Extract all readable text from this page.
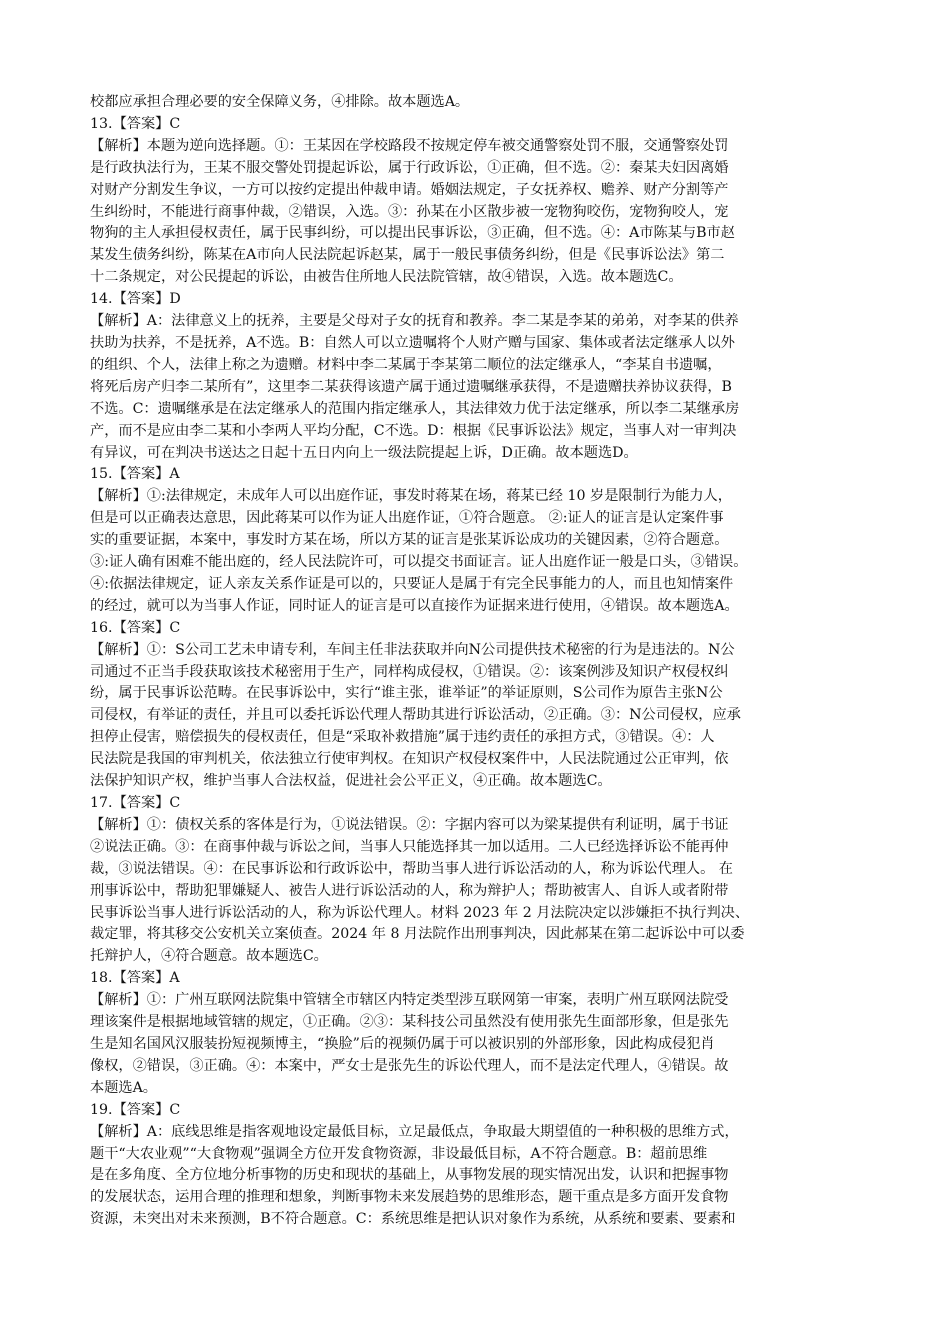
校都应承担合理必要的安全保障义务，④排除。故本题选A。

13.【答案】C

【解析】本题为逆向选择题。①：王某因在学校路段不按规定停车被交通警察处罚不服，交通警察处罚

是行政执法行为，王某不服交警处罚提起诉讼，属于行政诉讼，①正确，但不选。②：秦某夫妇因离婚

对财产分割发生争议，一方可以按约定提出仲裁申请。婚姻法规定，子女抚养权、赡养、财产分割等产

生纠纷时，不能进行商事仲裁，②错误，入选。③：孙某在小区散步被一宠物狗咬伤，宠物狗咬人，宠

物狗的主人承担侵权责任，属于民事纠纷，可以提出民事诉讼，③正确，但不选。④：A市陈某与B市赵

某发生债务纠纷，陈某在A市向人民法院起诉赵某，属于一般民事债务纠纷，但是《民事诉讼法》第二

十二条规定，对公民提起的诉讼，由被告住所地人民法院管辖，故④错误，入选。故本题选C。

14.【答案】D

【解析】A：法律意义上的抚养，主要是父母对子女的抚育和教养。李二某是李某的弟弟，对李某的供养

扶助为扶养，不是抚养，A不选。B：自然人可以立遗嘱将个人财产赠与国家、集体或者法定继承人以外

的组织、个人，法律上称之为遗赠。材料中李二某属于李某第二顺位的法定继承人，“李某自书遗嘱，

将死后房产归李二某所有”，这里李二某获得该遗产属于通过遗嘱继承获得，不是遗赠扶养协议获得，B

不选。C：遗嘱继承是在法定继承人的范围内指定继承人，其法律效力优于法定继承，所以李二某继承房

产，而不是应由李二某和小李两人平均分配，C不选。D：根据《民事诉讼法》规定，当事人对一审判决

有异议，可在判决书送达之日起十五日内向上一级法院提起上诉，D正确。故本题选D。

15.【答案】A

【解析】①:法律规定，未成年人可以出庭作证，事发时蒋某在场，蒋某已经 10 岁是限制行为能力人，

但是可以正确表达意思，因此蒋某可以作为证人出庭作证，①符合题意。 ②:证人的证言是认定案件事

实的重要证据，本案中，事发时方某在场，所以方某的证言是张某诉讼成功的关键因素，②符合题意。

③:证人确有困难不能出庭的，经人民法院许可，可以提交书面证言。证人出庭作证一般是口头，③错误。

④:依据法律规定，证人亲友关系作证是可以的，只要证人是属于有完全民事能力的人，而且也知情案件

的经过，就可以为当事人作证，同时证人的证言是可以直接作为证据来进行使用，④错误。故本题选A。

16.【答案】C

【解析】①：S公司工艺未申请专利，车间主任非法获取并向N公司提供技术秘密的行为是违法的。N公

司通过不正当手段获取该技术秘密用于生产，同样构成侵权，①错误。②：该案例涉及知识产权侵权纠

纷，属于民事诉讼范畴。在民事诉讼中，实行“谁主张，谁举证”的举证原则，S公司作为原告主张N公

司侵权，有举证的责任，并且可以委托诉讼代理人帮助其进行诉讼活动，②正确。③：N公司侵权，应承

担停止侵害，赔偿损失的侵权责任，但是“采取补救措施”属于违约责任的承担方式，③错误。④：人

民法院是我国的审判机关，依法独立行使审判权。在知识产权侵权案件中，人民法院通过公正审判，依

法保护知识产权，维护当事人合法权益，促进社会公平正义，④正确。故本题选C。

17.【答案】C

【解析】①：债权关系的客体是行为，①说法错误。②：字据内容可以为梁某提供有利证明，属于书证

②说法正确。③：在商事仲裁与诉讼之间，当事人只能选择其一加以适用。二人已经选择诉讼不能再仲

裁，③说法错误。④：在民事诉讼和行政诉讼中，帮助当事人进行诉讼活动的人，称为诉讼代理人。 在

刑事诉讼中，帮助犯罪嫌疑人、被告人进行诉讼活动的人，称为辩护人；帮助被害人、自诉人或者附带

民事诉讼当事人进行诉讼活动的人，称为诉讼代理人。材料 2023 年 2 月法院决定以涉嫌拒不执行判决、

裁定罪，将其移交公安机关立案侦查。2024 年 8 月法院作出刑事判决，因此郝某在第二起诉讼中可以委

托辩护人，④符合题意。故本题选C。

18.【答案】A

【解析】①：广州互联网法院集中管辖全市辖区内特定类型涉互联网第一审案，表明广州互联网法院受

理该案件是根据地域管辖的规定，①正确。②③：某科技公司虽然没有使用张先生面部形象，但是张先

生是知名国风汉服装扮短视频博主，“换脸”后的视频仍属于可以被识别的外部形象，因此构成侵犯肖

像权，②错误，③正确。④：本案中，严女士是张先生的诉讼代理人，而不是法定代理人，④错误。故

本题选A。

19.【答案】C

【解析】A：底线思维是指客观地设定最低目标，立足最低点，争取最大期望值的一种积极的思维方式，

题干“大农业观”“大食物观”强调全方位开发食物资源，非设最低目标，A不符合题意。B：超前思维

是在多角度、全方位地分析事物的历史和现状的基础上，从事物发展的现实情况出发，认识和把握事物

的发展状态，运用合理的推理和想象，判断事物未来发展趋势的思维形态，题干重点是多方面开发食物

资源，未突出对未来预测，B不符合题意。C：系统思维是把认识对象作为系统，从系统和要素、要素和
